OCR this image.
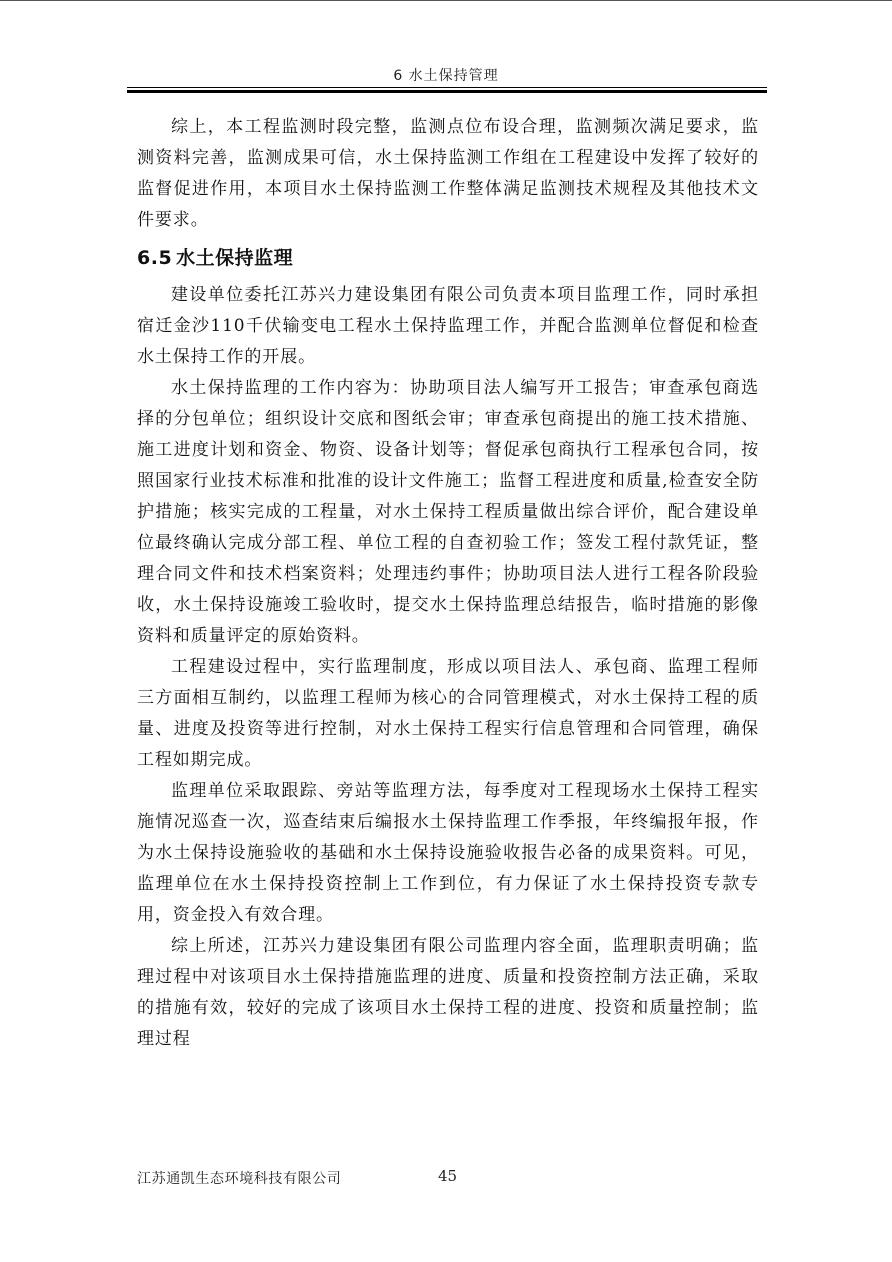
6 水土保持管理

综上，本工程监测时段完整，监测点位布设合理，监测频次满足要求，监测资料完善，监测成果可信，水土保持监测工作组在工程建设中发挥了较好的监督促进作用，本项目水土保持监测工作整体满足监测技术规程及其他技术文件要求。

6.5 水土保持监理

建设单位委托江苏兴力建设集团有限公司负责本项目监理工作，同时承担宿迁金沙110千伏输变电工程水土保持监理工作，并配合监测单位督促和检查水土保持工作的开展。

水土保持监理的工作内容为：协助项目法人编写开工报告；审查承包商选择的分包单位；组织设计交底和图纸会审；审查承包商提出的施工技术措施、施工进度计划和资金、物资、设备计划等；督促承包商执行工程承包合同，按照国家行业技术标准和批准的设计文件施工；监督工程进度和质量,检查安全防护措施；核实完成的工程量，对水土保持工程质量做出综合评价，配合建设单位最终确认完成分部工程、单位工程的自查初验工作；签发工程付款凭证，整理合同文件和技术档案资料；处理违约事件；协助项目法人进行工程各阶段验收，水土保持设施竣工验收时，提交水土保持监理总结报告，临时措施的影像资料和质量评定的原始资料。

工程建设过程中，实行监理制度，形成以项目法人、承包商、监理工程师三方面相互制约，以监理工程师为核心的合同管理模式，对水土保持工程的质量、进度及投资等进行控制，对水土保持工程实行信息管理和合同管理，确保工程如期完成。

监理单位采取跟踪、旁站等监理方法，每季度对工程现场水土保持工程实施情况巡查一次，巡查结束后编报水土保持监理工作季报，年终编报年报，作为水土保持设施验收的基础和水土保持设施验收报告必备的成果资料。可见，监理单位在水土保持投资控制上工作到位，有力保证了水土保持投资专款专用，资金投入有效合理。

综上所述，江苏兴力建设集团有限公司监理内容全面，监理职责明确；监理过程中对该项目水土保持措施监理的进度、质量和投资控制方法正确，采取的措施有效，较好的完成了该项目水土保持工程的进度、投资和质量控制；监理过程

江苏通凯生态环境科技有限公司	45
